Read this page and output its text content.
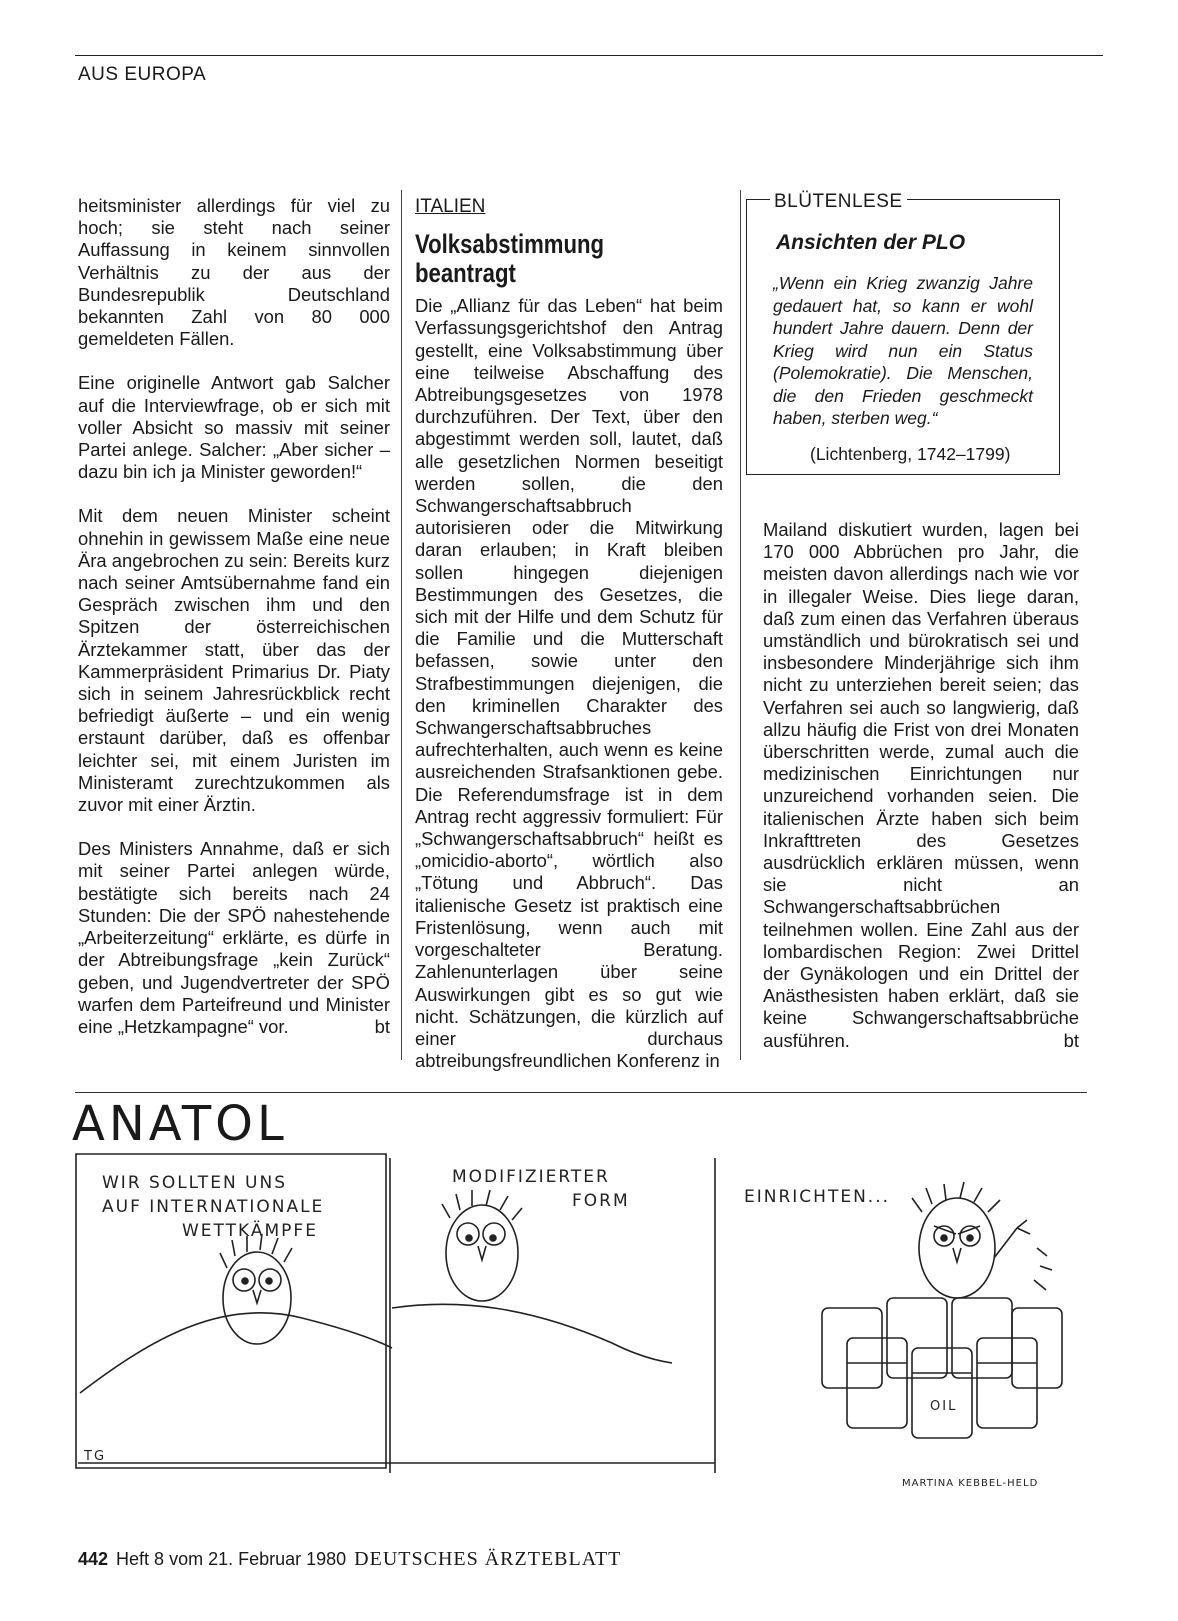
AUS EUROPA

heitsminister allerdings für viel zu hoch; sie steht nach seiner Auffassung in keinem sinnvollen Verhältnis zu der aus der Bundesrepublik Deutschland bekannten Zahl von 80 000 gemeldeten Fällen.

Eine originelle Antwort gab Salcher auf die Interviewfrage, ob er sich mit voller Absicht so massiv mit seiner Partei anlege. Salcher: „Aber sicher – dazu bin ich ja Minister geworden!“

Mit dem neuen Minister scheint ohnehin in gewissem Maße eine neue Ära angebrochen zu sein: Bereits kurz nach seiner Amtsübernahme fand ein Gespräch zwischen ihm und den Spitzen der österreichischen Ärztekammer statt, über das der Kammerpräsident Primarius Dr. Piaty sich in seinem Jahresrückblick recht befriedigt äußerte – und ein wenig erstaunt darüber, daß es offenbar leichter sei, mit einem Juristen im Ministeramt zurechtzukommen als zuvor mit einer Ärztin.

Des Ministers Annahme, daß er sich mit seiner Partei anlegen würde, bestätigte sich bereits nach 24 Stunden: Die der SPÖ nahestehende „Arbeiterzeitung“ erklärte, es dürfe in der Abtreibungsfrage „kein Zurück“ geben, und Jugendvertreter der SPÖ warfen dem Parteifreund und Minister eine „Hetzkampagne“ vor.	bt

ITALIEN
Volksabstimmung beantragt

Die „Allianz für das Leben“ hat beim Verfassungsgerichtshof den Antrag gestellt, eine Volksabstimmung über eine teilweise Abschaffung des Abtreibungsgesetzes von 1978 durchzuführen. Der Text, über den abgestimmt werden soll, lautet, daß alle gesetzlichen Normen beseitigt werden sollen, die den Schwangerschaftsabbruch autorisieren oder die Mitwirkung daran erlauben; in Kraft bleiben sollen hingegen diejenigen Bestimmungen des Gesetzes, die sich mit der Hilfe und dem Schutz für die Familie und die Mutterschaft befassen, sowie unter den Strafbestimmungen diejenigen, die den kriminellen Charakter des Schwangerschaftsabbruches aufrechterhalten, auch wenn es keine ausreichenden Strafsanktionen gebe. Die Referendumsfrage ist in dem Antrag recht aggressiv formuliert: Für „Schwangerschaftsabbruch“ heißt es „omicidio-aborto“, wörtlich also „Tötung und Abbruch“. Das italienische Gesetz ist praktisch eine Fristenlösung, wenn auch mit vorgeschalteter Beratung. Zahlenunterlagen über seine Auswirkungen gibt es so gut wie nicht. Schätzungen, die kürzlich auf einer durchaus abtreibungsfreundlichen Konferenz in

BLÜTENLESE
Ansichten der PLO
„Wenn ein Krieg zwanzig Jahre gedauert hat, so kann er wohl hundert Jahre dauern. Denn der Krieg wird nun ein Status (Polemokratie). Die Menschen, die den Frieden geschmeckt haben, sterben weg.“
(Lichtenberg, 1742–1799)

Mailand diskutiert wurden, lagen bei 170 000 Abbrüchen pro Jahr, die meisten davon allerdings nach wie vor in illegaler Weise. Dies liege daran, daß zum einen das Verfahren überaus umständlich und bürokratisch sei und insbesondere Minderjährige sich ihm nicht zu unterziehen bereit seien; das Verfahren sei auch so langwierig, daß allzu häufig die Frist von drei Monaten überschritten werde, zumal auch die medizinischen Einrichtungen nur unzureichend vorhanden seien. Die italienischen Ärzte haben sich beim Inkrafttreten des Gesetzes ausdrücklich erklären müssen, wenn sie nicht an Schwangerschaftsabbrüchen teilnehmen wollen. Eine Zahl aus der lombardischen Region: Zwei Drittel der Gynäkologen und ein Drittel der Anästhesisten haben erklärt, daß sie keine Schwangerschaftsabbrüche ausführen.	bt

ANATOL
WIR SOLLTEN UNS
AUF INTERNATIONALE
WETTKÄMPFE
MODIFIZIERTER
FORM	EINRICHTEN...
OIL
TG
MARTINA KEBBEL-HELD
442 Heft 8 vom 21. Februar 1980 DEUTSCHES ÄRZTEBLATT
